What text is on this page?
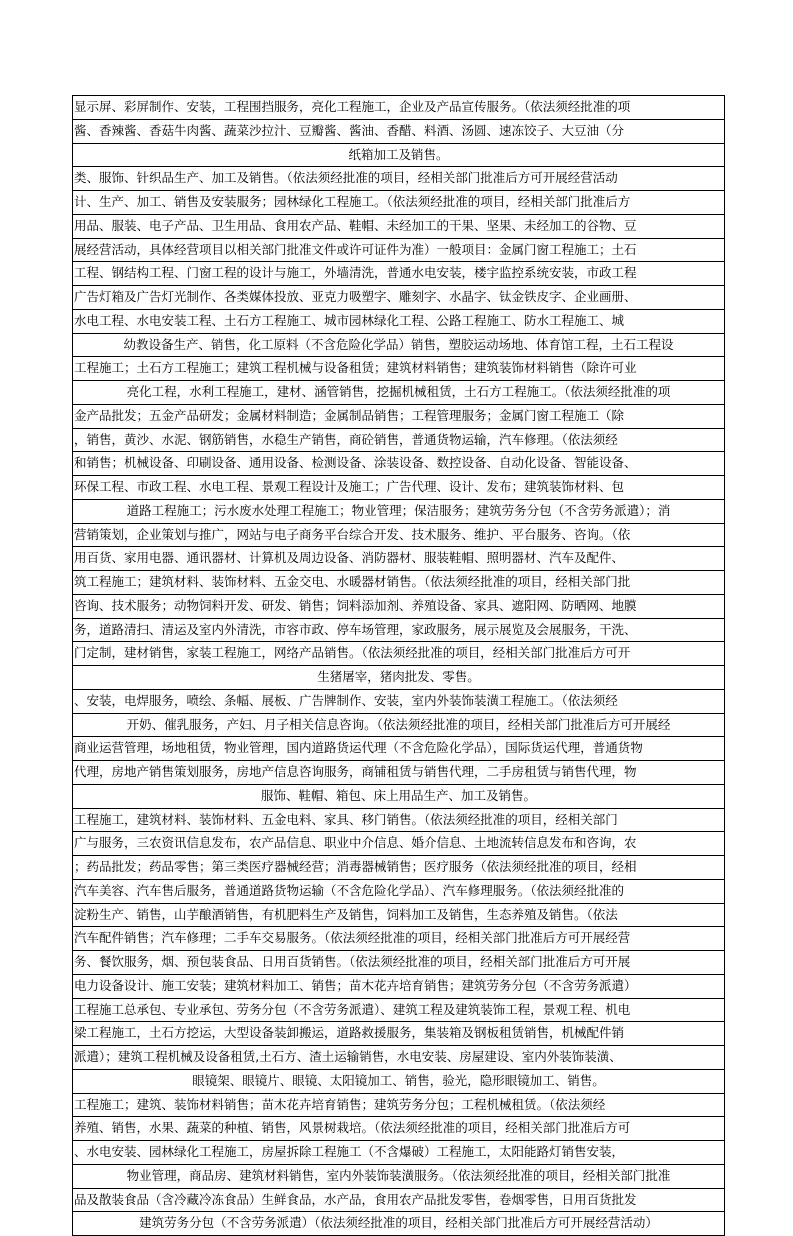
显示屏、彩屏制作、安装，工程围挡服务，亮化工程施工，企业及产品宣传服务。（依法须经批准的项
酱、香辣酱、香菇牛肉酱、蔬菜沙拉汁、豆瓣酱、酱油、香醋、料酒、汤圆、速冻饺子、大豆油（分
纸箱加工及销售。
类、服饰、针织品生产、加工及销售。（依法须经批准的项目，经相关部门批准后方可开展经营活动
计、生产、加工、销售及安装服务；园林绿化工程施工。（依法须经批准的项目，经相关部门批准后方
用品、服装、电子产品、卫生用品、食用农产品、鞋帽、未经加工的干果、坚果、未经加工的谷物、豆
展经营活动，具体经营项目以相关部门批准文件或许可证件为准）一般项目：金属门窗工程施工；土石
工程、钢结构工程、门窗工程的设计与施工，外墙清洗，普通水电安装，楼宇监控系统安装，市政工程
广告灯箱及广告灯光制作、各类媒体投放、亚克力吸塑字、雕刻字、水晶字、钛金铁皮字、企业画册、
水电工程、水电安装工程、土石方工程施工、城市园林绿化工程、公路工程施工、防水工程施工、城
幼教设备生产、销售，化工原料（不含危险化学品）销售，塑胶运动场地、体育馆工程，土石工程设
工程施工；土石方工程施工；建筑工程机械与设备租赁；建筑材料销售；建筑装饰材料销售（除许可业
亮化工程，水利工程施工，建材、涵管销售，挖掘机械租赁，土石方工程施工。（依法须经批准的项
金产品批发；五金产品研发；金属材料制造；金属制品销售；工程管理服务；金属门窗工程施工（除
，销售，黄沙、水泥、钢筋销售，水稳生产销售，商砼销售，普通货物运输，汽车修理。（依法须经
和销售；机械设备、印刷设备、通用设备、检测设备、涂装设备、数控设备、自动化设备、智能设备、
环保工程、市政工程、水电工程、景观工程设计及施工；广告代理、设计、发布；建筑装饰材料、包
道路工程施工；污水废水处理工程施工；物业管理；保洁服务；建筑劳务分包（不含劳务派遣）；消
营销策划，企业策划与推广，网站与电子商务平台综合开发、技术服务、维护、平台服务、咨询。（依
用百货、家用电器、通讯器材、计算机及周边设备、消防器材、服装鞋帽、照明器材、汽车及配件、
筑工程施工；建筑材料、装饰材料、五金交电、水暖器材销售。（依法须经批准的项目，经相关部门批
咨询、技术服务；动物饲料开发、研发、销售；饲料添加剂、养殖设备、家具、遮阳网、防晒网、地膜
务，道路清扫、清运及室内外清洗，市容市政、停车场管理，家政服务，展示展览及会展服务，干洗、
门定制，建材销售，家装工程施工，网络产品销售。（依法须经批准的项目，经相关部门批准后方可开
生猪屠宰，猪肉批发、零售。
、安装，电焊服务，喷绘、条幅、展板、广告牌制作、安装，室内外装饰装潢工程施工。（依法须经
开奶、催乳服务，产妇、月子相关信息咨询。（依法须经批准的项目，经相关部门批准后方可开展经
商业运营管理，场地租赁，物业管理，国内道路货运代理（不含危险化学品），国际货运代理，普通货物
代理，房地产销售策划服务，房地产信息咨询服务，商铺租赁与销售代理，二手房租赁与销售代理，物
服饰、鞋帽、箱包、床上用品生产、加工及销售。
工程施工，建筑材料、装饰材料、五金电料、家具、移门销售。（依法须经批准的项目，经相关部门
广与服务，三农资讯信息发布，农产品信息、职业中介信息、婚介信息、土地流转信息发布和咨询，农
；药品批发；药品零售；第三类医疗器械经营；消毒器械销售；医疗服务（依法须经批准的项目，经相
汽车美容、汽车售后服务，普通道路货物运输（不含危险化学品）、汽车修理服务。（依法须经批准的
淀粉生产、销售，山芋酿酒销售，有机肥料生产及销售，饲料加工及销售，生态养殖及销售。（依法
汽车配件销售；汽车修理；二手车交易服务。（依法须经批准的项目，经相关部门批准后方可开展经营
务、餐饮服务，烟、预包装食品、日用百货销售。（依法须经批准的项目，经相关部门批准后方可开展
电力设备设计、施工安装；建筑材料加工、销售；苗木花卉培育销售；建筑劳务分包（不含劳务派遣）
工程施工总承包、专业承包、劳务分包（不含劳务派遣）、建筑工程及建筑装饰工程，景观工程、机电
梁工程施工，土石方挖运，大型设备装卸搬运，道路救援服务，集装箱及钢板租赁销售，机械配件销
派遣）；建筑工程机械及设备租赁,土石方、渣土运输销售，水电安装、房屋建设、室内外装饰装潢、
眼镜架、眼镜片、眼镜、太阳镜加工、销售，验光，隐形眼镜加工、销售。
工程施工；建筑、装饰材料销售；苗木花卉培育销售；建筑劳务分包；工程机械租赁。（依法须经
养殖、销售，水果、蔬菜的种植、销售，风景树栽培。（依法须经批准的项目，经相关部门批准后方可
、水电安装、园林绿化工程施工，房屋拆除工程施工（不含爆破）工程施工，太阳能路灯销售安装，
物业管理，商品房、建筑材料销售，室内外装饰装潢服务。（依法须经批准的项目，经相关部门批准
品及散装食品（含冷藏冷冻食品）生鲜食品，水产品，食用农产品批发零售，卷烟零售，日用百货批发
建筑劳务分包（不含劳务派遣）（依法须经批准的项目，经相关部门批准后方可开展经营活动）
